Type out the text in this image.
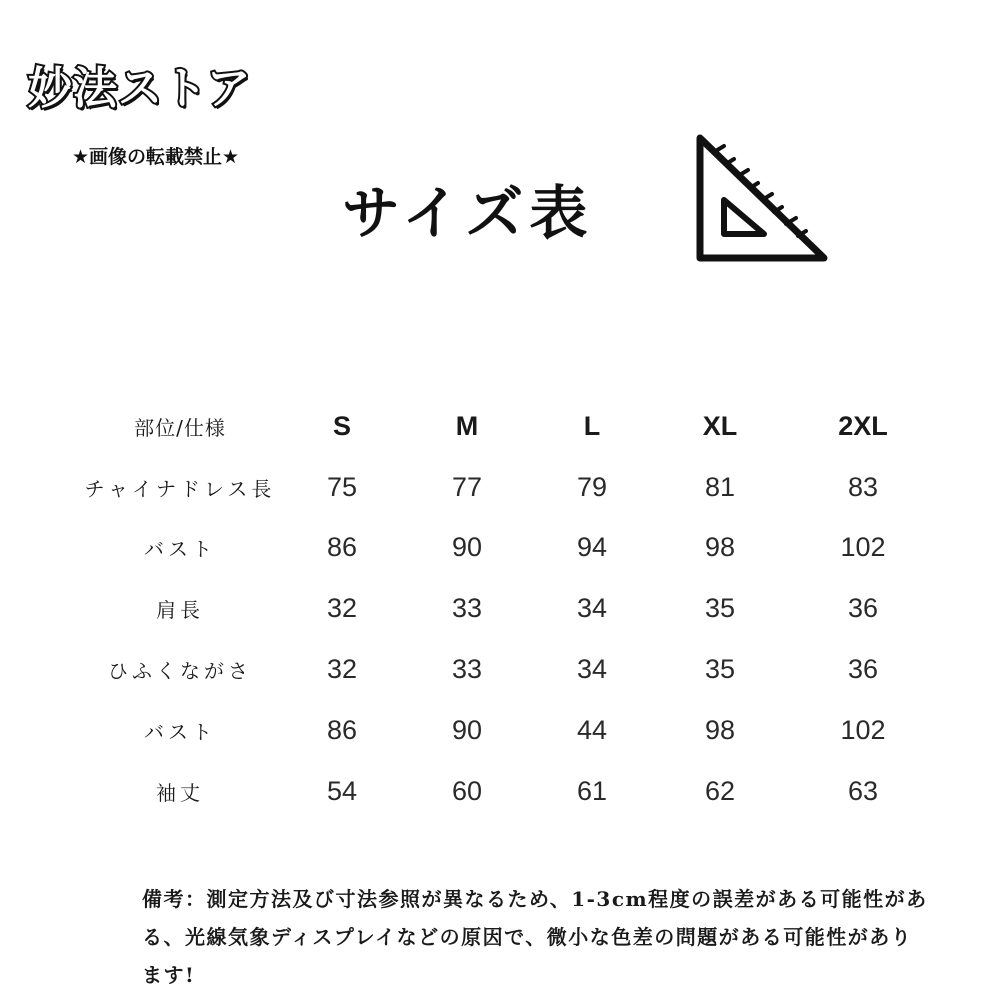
妙法ストア
★画像の転載禁止★
サイズ表
部位/仕様	S	M	L	XL	2XL
チャイナドレス長	75	77	79	81	83
バスト	86	90	94	98	102
肩長	32	33	34	35	36
ひふくながさ	32	33	34	35	36
バスト	86	90	44	98	102
袖丈	54	60	61	62	63
備考：測定方法及び寸法参照が異なるため、1-3cm程度の誤差がある可能性がある、光線気象ディスプレイなどの原因で、微小な色差の問題がある可能性があります!
